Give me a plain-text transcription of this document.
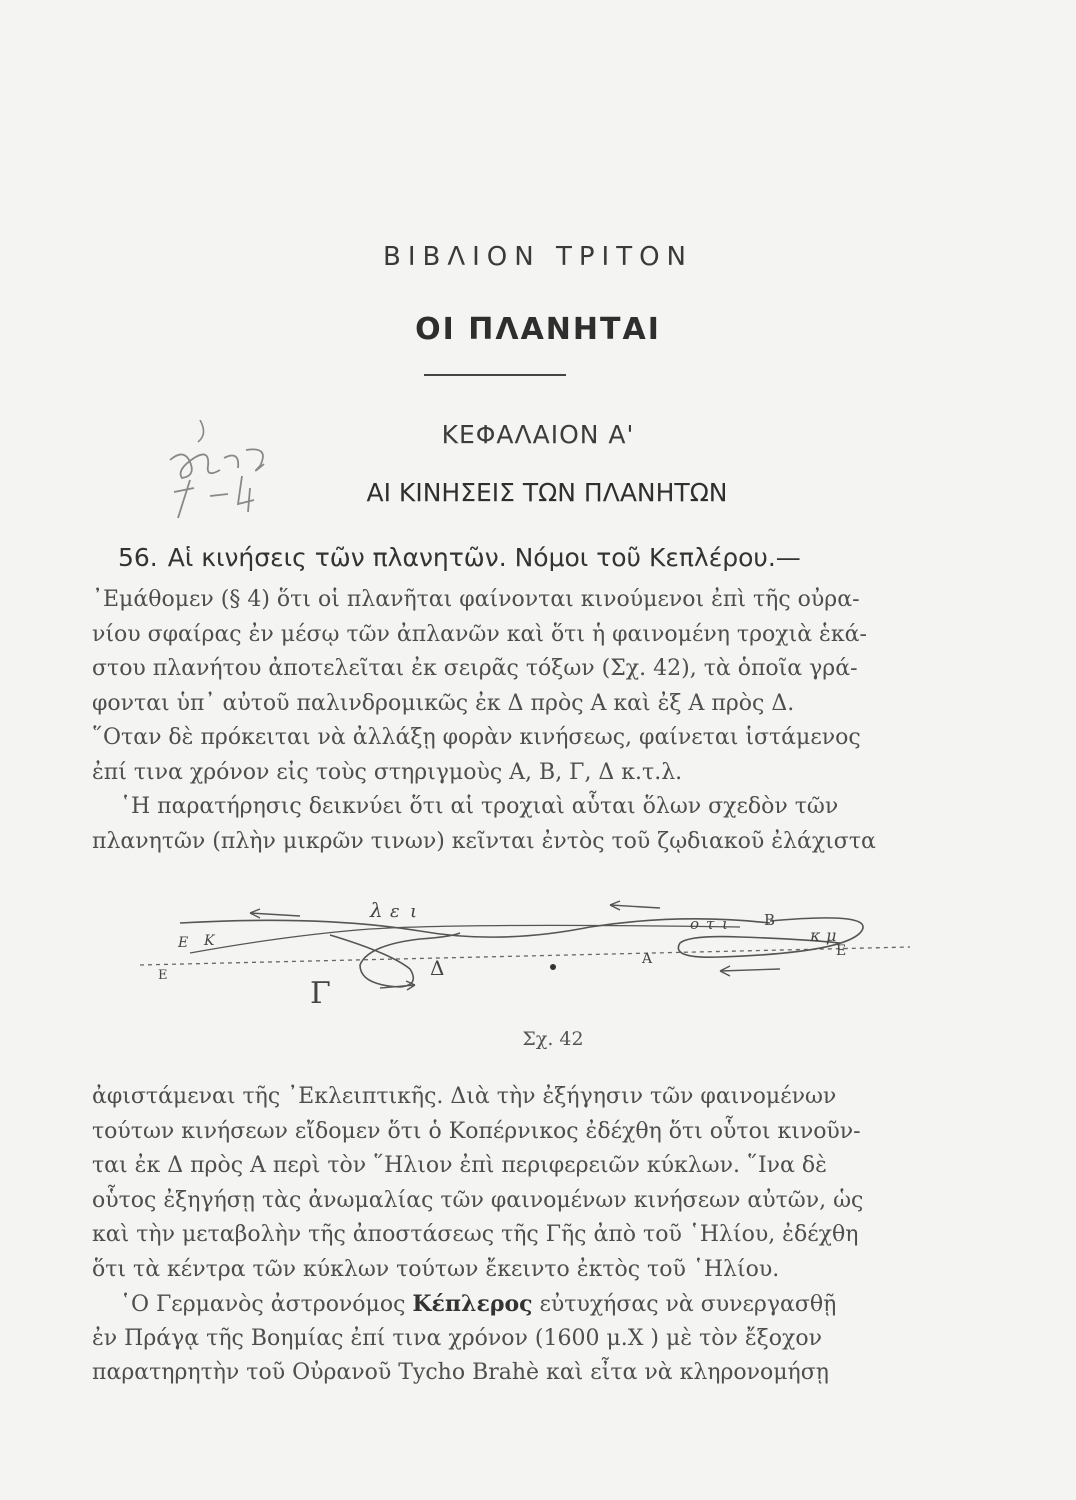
ΒΙΒΛΙΟΝ ΤΡΙΤΟΝ
ΟΙ ΠΛΑΝΗΤΑΙ
ΚΕΦΑΛΑΙΟΝ Α'
ΑΙ ΚΙΝΗΣΕΙΣ ΤΩΝ ΠΛΑΝΗΤΩΝ
56. Αἱ κινήσεις τῶν πλανητῶν. Νόμοι τοῦ Κεπλέρου.—
᾿Εμάθομεν (§ 4) ὅτι οἱ πλανῆται φαίνονται κινούμενοι ἐπὶ τῆς οὐρα-
νίου σφαίρας ἐν μέσῳ τῶν ἀπλανῶν καὶ ὅτι ἡ φαινομένη τροχιὰ ἑκά-
στου πλανήτου ἀποτελεῖται ἐκ σειρᾶς τόξων (Σχ. 42), τὰ ὁποῖα γρά-
φονται ὑπ᾿ αὐτοῦ παλινδρομικῶς ἐκ Δ πρὸς Α καὶ ἐξ Α πρὸς Δ.
῞Οταν δὲ πρόκειται νὰ ἀλλάξῃ φορὰν κινήσεως, φαίνεται ἱστάμενος
ἐπί τινα χρόνον εἰς τοὺς στηριγμοὺς Α, Β, Γ, Δ κ.τ.λ.
῾Η παρατήρησις δεικνύει ὅτι αἱ τροχιαὶ αὗται ὅλων σχεδὸν τῶν
πλανητῶν (πλὴν μικρῶν τινων) κεῖνται ἐντὸς τοῦ ζῳδιακοῦ ἐλάχιστα
Ε
Ε Κ
λ ε ι
ο τ ι Β
κ μ
Ε
Γ
Δ	Α
Σχ. 42
ἀφιστάμεναι τῆς ᾿Εκλειπτικῆς. Διὰ τὴν ἐξήγησιν τῶν φαινομένων
τούτων κινήσεων εἴδομεν ὅτι ὁ Κοπέρνικος ἐδέχθη ὅτι οὗτοι κινοῦν-
ται ἐκ Δ πρὸς Α περὶ τὸν ῞Ηλιον ἐπὶ περιφερειῶν κύκλων. ῞Ινα δὲ
οὗτος ἐξηγήσῃ τὰς ἀνωμαλίας τῶν φαινομένων κινήσεων αὐτῶν, ὡς
καὶ τὴν μεταβολὴν τῆς ἀποστάσεως τῆς Γῆς ἀπὸ τοῦ ῾Ηλίου, ἐδέχθη
ὅτι τὰ κέντρα τῶν κύκλων τούτων ἔκειντο ἐκτὸς τοῦ ῾Ηλίου.
῾Ο Γερμανὸς ἀστρονόμος Κέπλερος εὐτυχήσας νὰ συνεργασθῇ
ἐν Πράγᾳ τῆς Βοημίας ἐπί τινα χρόνον (1600 μ.Χ ) μὲ τὸν ἔξοχον
παρατηρητὴν τοῦ Οὐρανοῦ Tycho Brahè καὶ εἶτα νὰ κληρονομήσῃ
